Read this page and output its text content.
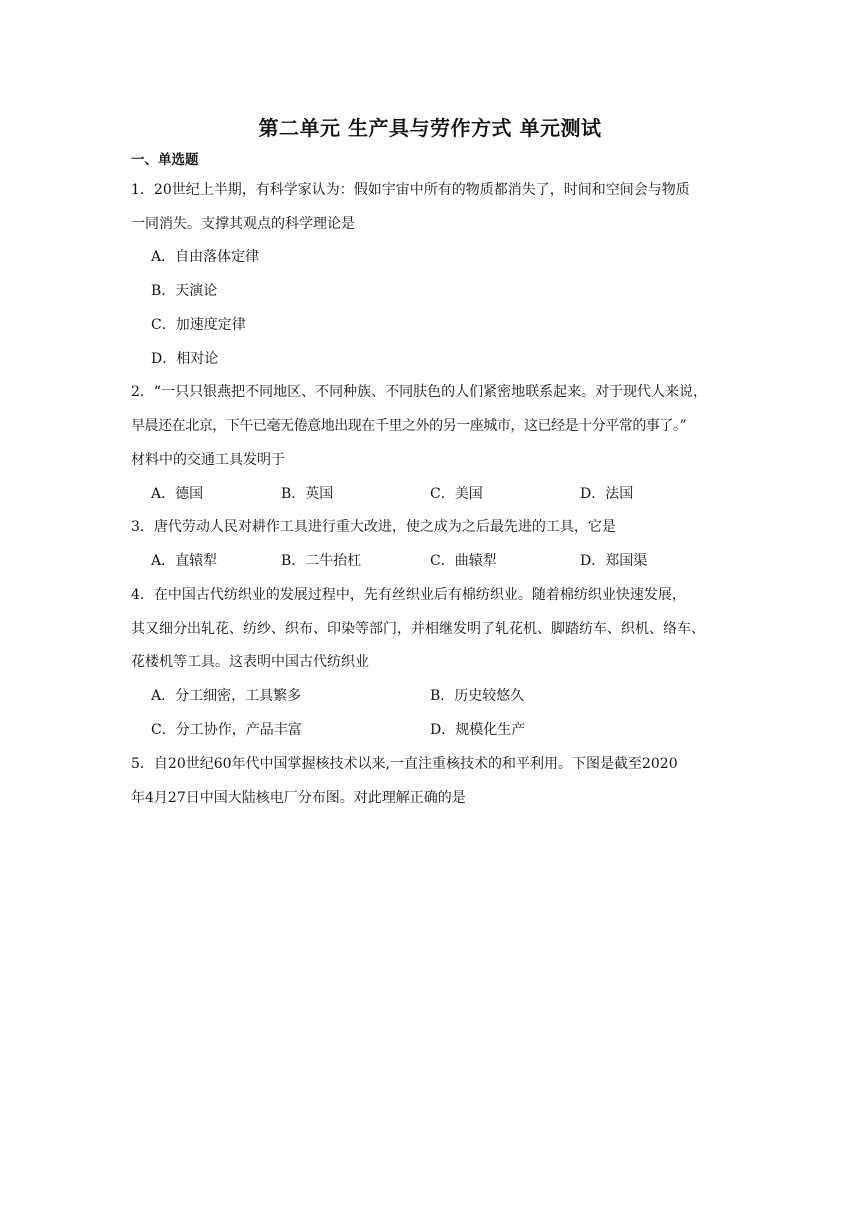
第二单元 生产具与劳作方式 单元测试
一、单选题
1．20世纪上半期，有科学家认为：假如宇宙中所有的物质都消失了，时间和空间会与物质
一同消失。支撑其观点的科学理论是
A．自由落体定律
B．天演论
C．加速度定律
D．相对论
2．“一只只银燕把不同地区、不同种族、不同肤色的人们紧密地联系起来。对于现代人来说，
早晨还在北京，下午已毫无倦意地出现在千里之外的另一座城市，这已经是十分平常的事了。”
材料中的交通工具发明于
A．德国	B．英国	C．美国	D．法国
3．唐代劳动人民对耕作工具进行重大改进，使之成为之后最先进的工具，它是
A．直辕犁	B．二牛抬杠	C．曲辕犁	D．郑国渠
4．在中国古代纺织业的发展过程中，先有丝织业后有棉纺织业。随着棉纺织业快速发展，
其又细分出轧花、纺纱、织布、印染等部门，并相继发明了轧花机、脚踏纺车、织机、络车、
花楼机等工具。这表明中国古代纺织业
A．分工细密，工具繁多	B．历史较悠久
C．分工协作，产品丰富	D．规模化生产
5．自20世纪60年代中国掌握核技术以来,一直注重核技术的和平利用。下图是截至2020
年4月27日中国大陆核电厂分布图。对此理解正确的是
